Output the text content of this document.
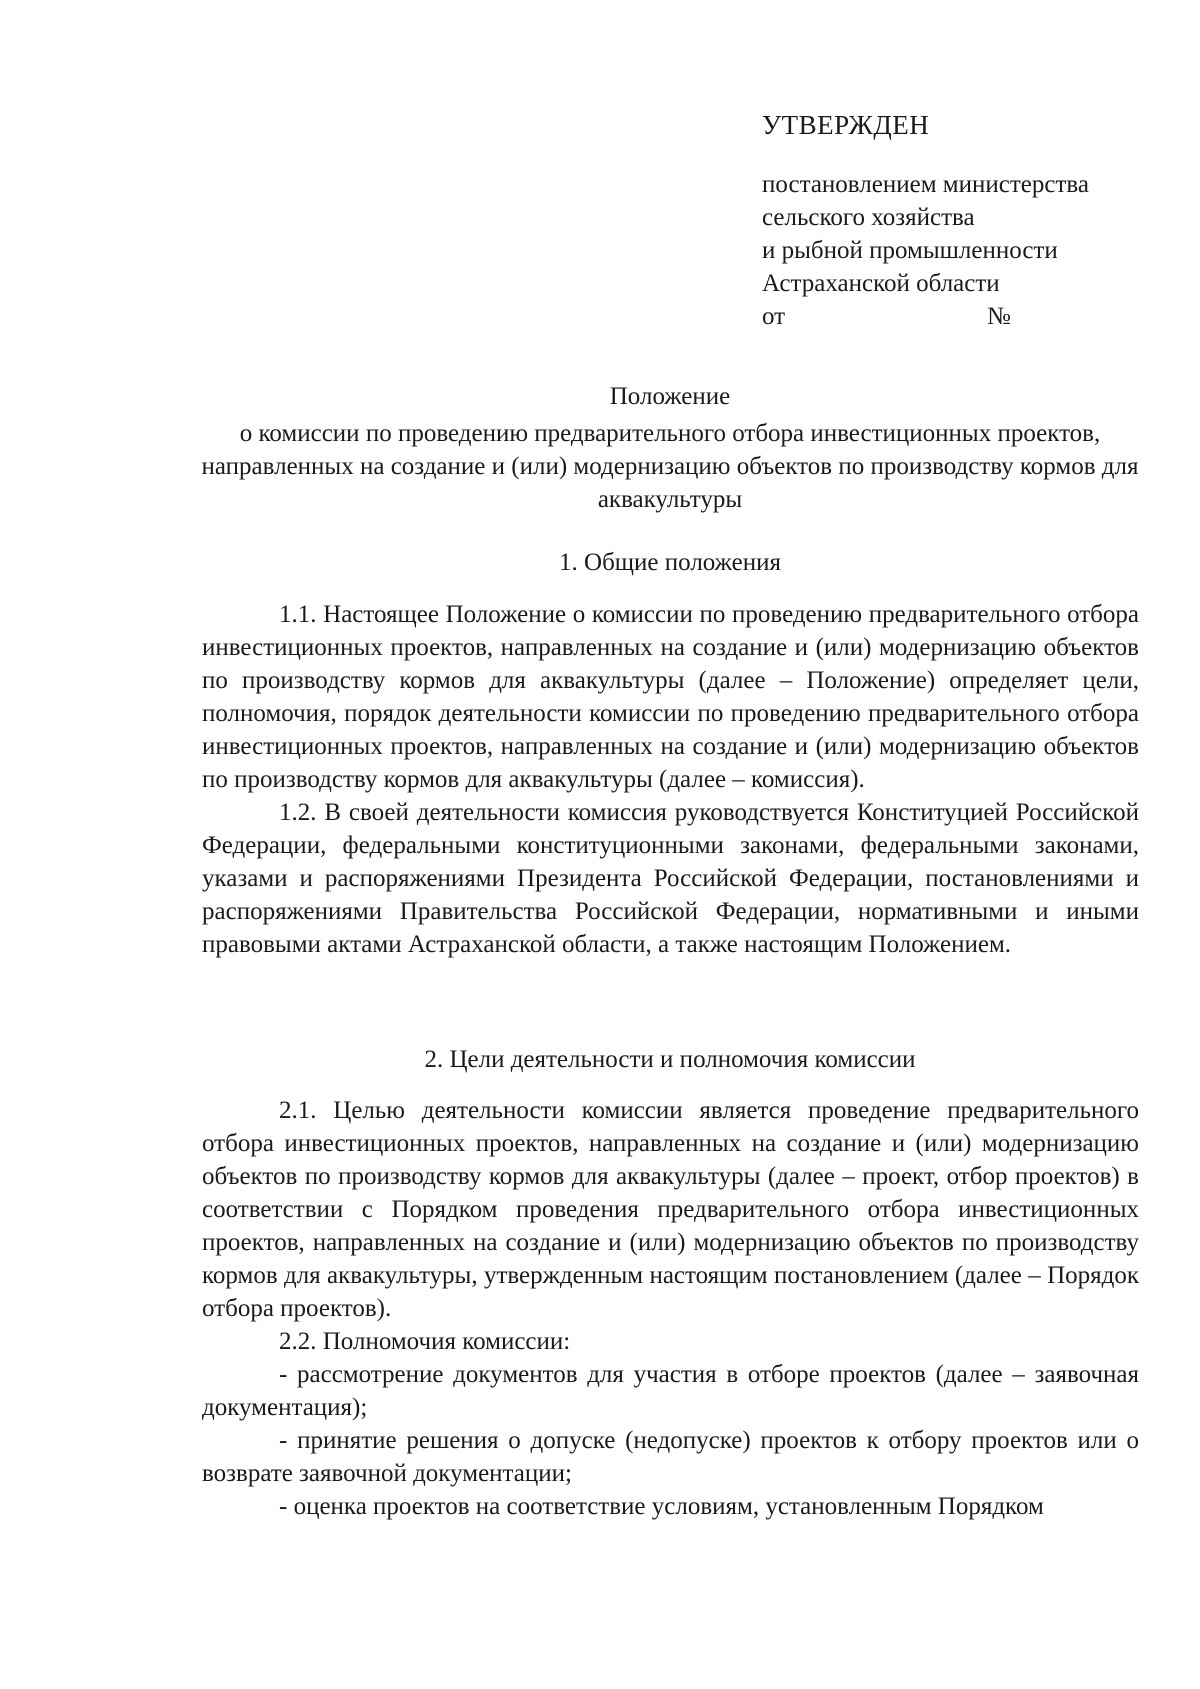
УТВЕРЖДЕН
постановлением министерства
сельского хозяйства
и рыбной промышленности
Астраханской области
от	№
Положение
о комиссии по проведению предварительного отбора инвестиционных проектов, направленных на создание и (или) модернизацию объектов по производству кормов для аквакультуры
1. Общие положения

1.1. Настоящее Положение о комиссии по проведению предварительного отбора инвестиционных проектов, направленных на создание и (или) модернизацию объектов по производству кормов для аквакультуры (далее – Положение) определяет цели, полномочия, порядок деятельности комиссии по проведению предварительного отбора инвестиционных проектов, направленных на создание и (или) модернизацию объектов по производству кормов для аквакультуры (далее – комиссия).

1.2. В своей деятельности комиссия руководствуется Конституцией Российской Федерации, федеральными конституционными законами, федеральными законами, указами и распоряжениями Президента Российской Федерации, постановлениями и распоряжениями Правительства Российской Федерации, нормативными и иными правовыми актами Астраханской области, а также настоящим Положением.

2. Цели деятельности и полномочия комиссии

2.1. Целью деятельности комиссии является проведение предварительного отбора инвестиционных проектов, направленных на создание и (или) модернизацию объектов по производству кормов для аквакультуры (далее – проект, отбор проектов) в соответствии с Порядком проведения предварительного отбора инвестиционных проектов, направленных на создание и (или) модернизацию объектов по производству кормов для аквакультуры, утвержденным настоящим постановлением (далее – Порядок отбора проектов).

2.2. Полномочия комиссии:

- рассмотрение документов для участия в отборе проектов (далее – заявочная документация);

- принятие решения о допуске (недопуске) проектов к отбору проектов или о возврате заявочной документации;

- оценка проектов на соответствие условиям, установленным Порядком
